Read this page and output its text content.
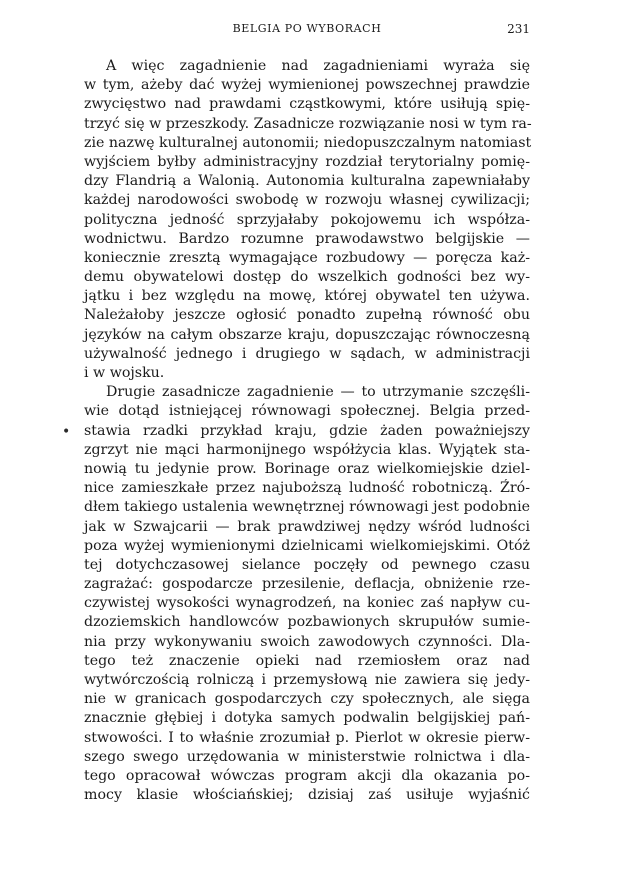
BELGIA PO WYBORACH	231
A więc zagadnienie nad zagadnieniami wyraża się
w tym, ażeby dać wyżej wymienionej powszechnej prawdzie
zwycięstwo nad prawdami cząstkowymi, które usiłują spię-
trzyć się w przeszkody. Zasadnicze rozwiązanie nosi w tym ra-
zie nazwę kulturalnej autonomii; niedopuszczalnym natomiast
wyjściem byłby administracyjny rozdział terytorialny pomię-
dzy Flandrią a Walonią. Autonomia kulturalna zapewniałaby
każdej narodowości swobodę w rozwoju własnej cywilizacji;
polityczna jedność sprzyjałaby pokojowemu ich współza-
wodnictwu. Bardzo rozumne prawodawstwo belgijskie —
koniecznie zresztą wymagające rozbudowy — poręcza każ-
demu obywatelowi dostęp do wszelkich godności bez wy-
jątku i bez względu na mowę, której obywatel ten używa.
Należałoby jeszcze ogłosić ponadto zupełną równość obu
języków na całym obszarze kraju, dopuszczając równoczesną
używalność jednego i drugiego w sądach, w administracji
i w wojsku.
Drugie zasadnicze zagadnienie — to utrzymanie szczęśli-
wie dotąd istniejącej równowagi społecznej. Belgia przed-
• stawia rzadki przykład kraju, gdzie żaden poważniejszy
zgrzyt nie mąci harmonijnego współżycia klas. Wyjątek sta-
nowią tu jedynie prow. Borinage oraz wielkomiejskie dziel-
nice zamieszkałe przez najuboższą ludność robotniczą. Źró-
dłem takiego ustalenia wewnętrznej równowagi jest podobnie
jak w Szwajcarii — brak prawdziwej nędzy wśród ludności
poza wyżej wymienionymi dzielnicami wielkomiejskimi. Otóż
tej dotychczasowej sielance poczęły od pewnego czasu
zagrażać: gospodarcze przesilenie, deflacja, obniżenie rze-
czywistej wysokości wynagrodzeń, na koniec zaś napływ cu-
dzoziemskich handlowców pozbawionych skrupułów sumie-
nia przy wykonywaniu swoich zawodowych czynności. Dla-
tego też znaczenie opieki nad rzemiosłem oraz nad
wytwórczością rolniczą i przemysłową nie zawiera się jedy-
nie w granicach gospodarczych czy społecznych, ale sięga
znacznie głębiej i dotyka samych podwalin belgijskiej pań-
stwowości. I to właśnie zrozumiał p. Pierlot w okresie pierw-
szego swego urzędowania w ministerstwie rolnictwa i dla-
tego opracował wówczas program akcji dla okazania po-
mocy klasie włościańskiej; dzisiaj zaś usiłuje wyjaśnić
